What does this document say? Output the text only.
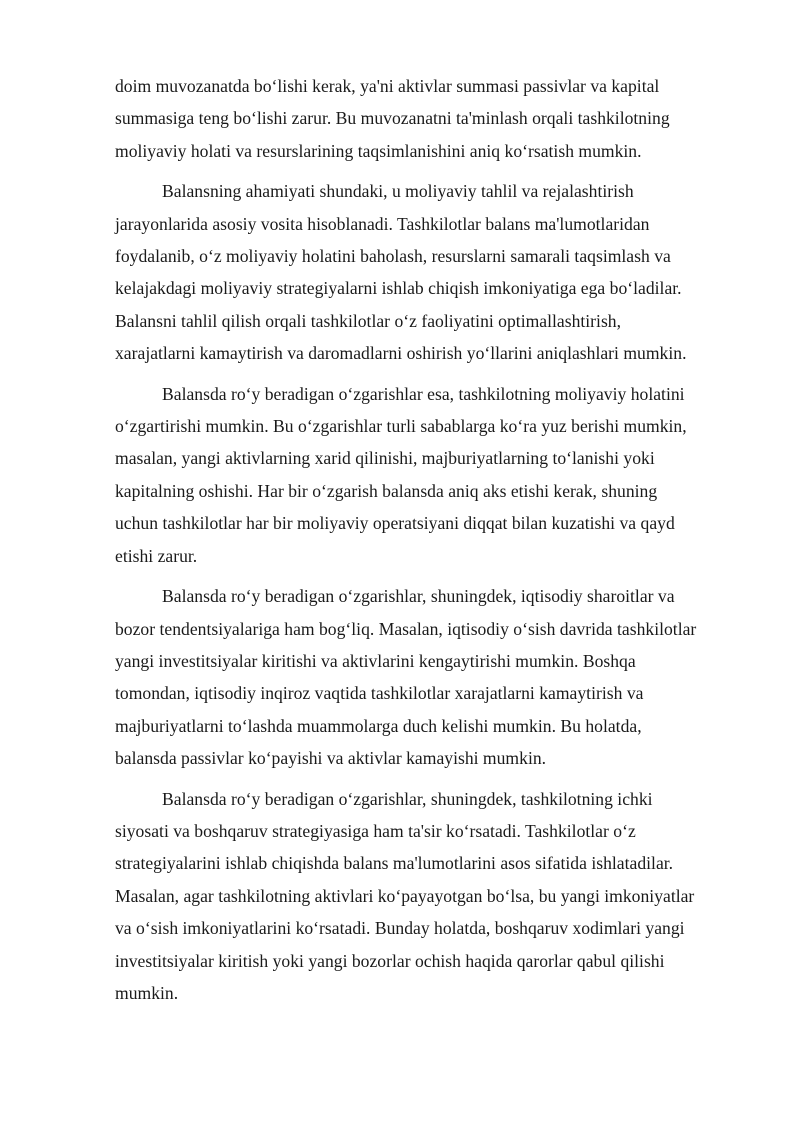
doim muvozanatda bo‘lishi kerak, ya'ni aktivlar summasi passivlar va kapital
summasiga teng bo‘lishi zarur. Bu muvozanatni ta'minlash orqali tashkilotning
moliyaviy holati va resurslarining taqsimlanishini aniq ko‘rsatish mumkin.

Balansning ahamiyati shundaki, u moliyaviy tahlil va rejalashtirish
jarayonlarida asosiy vosita hisoblanadi. Tashkilotlar balans ma'lumotlaridan
foydalanib, o‘z moliyaviy holatini baholash, resurslarni samarali taqsimlash va
kelajakdagi moliyaviy strategiyalarni ishlab chiqish imkoniyatiga ega bo‘ladilar.
Balansni tahlil qilish orqali tashkilotlar o‘z faoliyatini optimallashtirish,
xarajatlarni kamaytirish va daromadlarni oshirish yo‘llarini aniqlashlari mumkin.

Balansda ro‘y beradigan o‘zgarishlar esa, tashkilotning moliyaviy holatini
o‘zgartirishi mumkin. Bu o‘zgarishlar turli sabablarga ko‘ra yuz berishi mumkin,
masalan, yangi aktivlarning xarid qilinishi, majburiyatlarning to‘lanishi yoki
kapitalning oshishi. Har bir o‘zgarish balansda aniq aks etishi kerak, shuning
uchun tashkilotlar har bir moliyaviy operatsiyani diqqat bilan kuzatishi va qayd
etishi zarur.

Balansda ro‘y beradigan o‘zgarishlar, shuningdek, iqtisodiy sharoitlar va
bozor tendentsiyalariga ham bog‘liq. Masalan, iqtisodiy o‘sish davrida tashkilotlar
yangi investitsiyalar kiritishi va aktivlarini kengaytirishi mumkin. Boshqa
tomondan, iqtisodiy inqiroz vaqtida tashkilotlar xarajatlarni kamaytirish va
majburiyatlarni to‘lashda muammolarga duch kelishi mumkin. Bu holatda,
balansda passivlar ko‘payishi va aktivlar kamayishi mumkin.

Balansda ro‘y beradigan o‘zgarishlar, shuningdek, tashkilotning ichki
siyosati va boshqaruv strategiyasiga ham ta'sir ko‘rsatadi. Tashkilotlar o‘z
strategiyalarini ishlab chiqishda balans ma'lumotlarini asos sifatida ishlatadilar.
Masalan, agar tashkilotning aktivlari ko‘payayotgan bo‘lsa, bu yangi imkoniyatlar
va o‘sish imkoniyatlarini ko‘rsatadi. Bunday holatda, boshqaruv xodimlari yangi
investitsiyalar kiritish yoki yangi bozorlar ochish haqida qarorlar qabul qilishi
mumkin.
